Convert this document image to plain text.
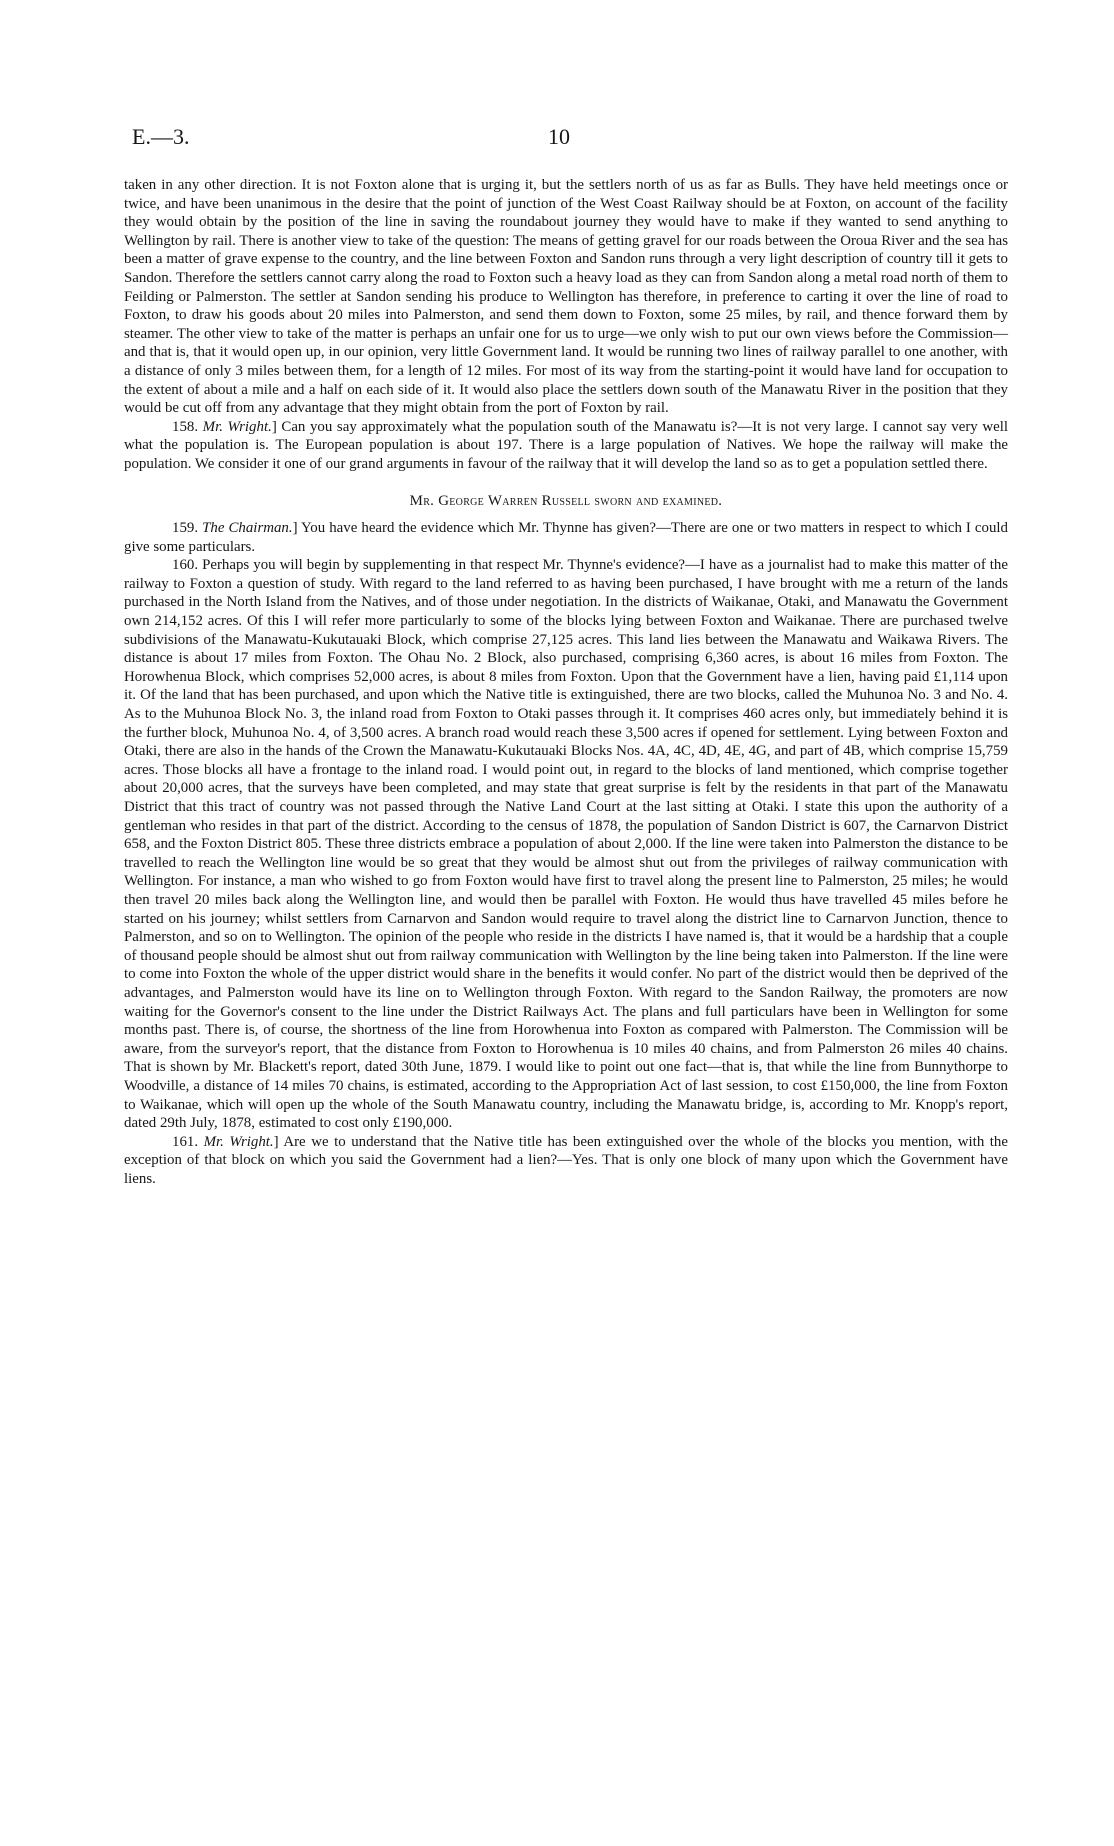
E.—3.	10

taken in any other direction. It is not Foxton alone that is urging it, but the settlers north of us as far as Bulls. They have held meetings once or twice, and have been unanimous in the desire that the point of junction of the West Coast Railway should be at Foxton, on account of the facility they would obtain by the position of the line in saving the roundabout journey they would have to make if they wanted to send anything to Wellington by rail. There is another view to take of the question: The means of getting gravel for our roads between the Oroua River and the sea has been a matter of grave expense to the country, and the line between Foxton and Sandon runs through a very light description of country till it gets to Sandon. Therefore the settlers cannot carry along the road to Foxton such a heavy load as they can from Sandon along a metal road north of them to Feilding or Palmerston. The settler at Sandon sending his produce to Wellington has therefore, in preference to carting it over the line of road to Foxton, to draw his goods about 20 miles into Palmerston, and send them down to Foxton, some 25 miles, by rail, and thence forward them by steamer. The other view to take of the matter is perhaps an unfair one for us to urge—we only wish to put our own views before the Commission—and that is, that it would open up, in our opinion, very little Government land. It would be running two lines of railway parallel to one another, with a distance of only 3 miles between them, for a length of 12 miles. For most of its way from the starting-point it would have land for occupation to the extent of about a mile and a half on each side of it. It would also place the settlers down south of the Manawatu River in the position that they would be cut off from any advantage that they might obtain from the port of Foxton by rail.

158. Mr. Wright.] Can you say approximately what the population south of the Manawatu is?—It is not very large. I cannot say very well what the population is. The European population is about 197. There is a large population of Natives. We hope the railway will make the population. We consider it one of our grand arguments in favour of the railway that it will develop the land so as to get a population settled there.

Mr. George Warren Russell sworn and examined.

159. The Chairman.] You have heard the evidence which Mr. Thynne has given?—There are one or two matters in respect to which I could give some particulars.

160. Perhaps you will begin by supplementing in that respect Mr. Thynne's evidence?—I have as a journalist had to make this matter of the railway to Foxton a question of study. With regard to the land referred to as having been purchased, I have brought with me a return of the lands purchased in the North Island from the Natives, and of those under negotiation. In the districts of Waikanae, Otaki, and Manawatu the Government own 214,152 acres. Of this I will refer more particularly to some of the blocks lying between Foxton and Waikanae. There are purchased twelve subdivisions of the Manawatu-Kukutauaki Block, which comprise 27,125 acres. This land lies between the Manawatu and Waikawa Rivers. The distance is about 17 miles from Foxton. The Ohau No. 2 Block, also purchased, comprising 6,360 acres, is about 16 miles from Foxton. The Horowhenua Block, which comprises 52,000 acres, is about 8 miles from Foxton. Upon that the Government have a lien, having paid £1,114 upon it. Of the land that has been purchased, and upon which the Native title is extinguished, there are two blocks, called the Muhunoa No. 3 and No. 4. As to the Muhunoa Block No. 3, the inland road from Foxton to Otaki passes through it. It comprises 460 acres only, but immediately behind it is the further block, Muhunoa No. 4, of 3,500 acres. A branch road would reach these 3,500 acres if opened for settlement. Lying between Foxton and Otaki, there are also in the hands of the Crown the Manawatu-Kukutauaki Blocks Nos. 4A, 4C, 4D, 4E, 4G, and part of 4B, which comprise 15,759 acres. Those blocks all have a frontage to the inland road. I would point out, in regard to the blocks of land mentioned, which comprise together about 20,000 acres, that the surveys have been completed, and may state that great surprise is felt by the residents in that part of the Manawatu District that this tract of country was not passed through the Native Land Court at the last sitting at Otaki. I state this upon the authority of a gentleman who resides in that part of the district. According to the census of 1878, the population of Sandon District is 607, the Carnarvon District 658, and the Foxton District 805. These three districts embrace a population of about 2,000. If the line were taken into Palmerston the distance to be travelled to reach the Wellington line would be so great that they would be almost shut out from the privileges of railway communication with Wellington. For instance, a man who wished to go from Foxton would have first to travel along the present line to Palmerston, 25 miles; he would then travel 20 miles back along the Wellington line, and would then be parallel with Foxton. He would thus have travelled 45 miles before he started on his journey; whilst settlers from Carnarvon and Sandon would require to travel along the district line to Carnarvon Junction, thence to Palmerston, and so on to Wellington. The opinion of the people who reside in the districts I have named is, that it would be a hardship that a couple of thousand people should be almost shut out from railway communication with Wellington by the line being taken into Palmerston. If the line were to come into Foxton the whole of the upper district would share in the benefits it would confer. No part of the district would then be deprived of the advantages, and Palmerston would have its line on to Wellington through Foxton. With regard to the Sandon Railway, the promoters are now waiting for the Governor's consent to the line under the District Railways Act. The plans and full particulars have been in Wellington for some months past. There is, of course, the shortness of the line from Horowhenua into Foxton as compared with Palmerston. The Commission will be aware, from the surveyor's report, that the distance from Foxton to Horowhenua is 10 miles 40 chains, and from Palmerston 26 miles 40 chains. That is shown by Mr. Blackett's report, dated 30th June, 1879. I would like to point out one fact—that is, that while the line from Bunnythorpe to Woodville, a distance of 14 miles 70 chains, is estimated, according to the Appropriation Act of last session, to cost £150,000, the line from Foxton to Waikanae, which will open up the whole of the South Manawatu country, including the Manawatu bridge, is, according to Mr. Knopp's report, dated 29th July, 1878, estimated to cost only £190,000.

161. Mr. Wright.] Are we to understand that the Native title has been extinguished over the whole of the blocks you mention, with the exception of that block on which you said the Government had a lien?—Yes. That is only one block of many upon which the Government have liens.
